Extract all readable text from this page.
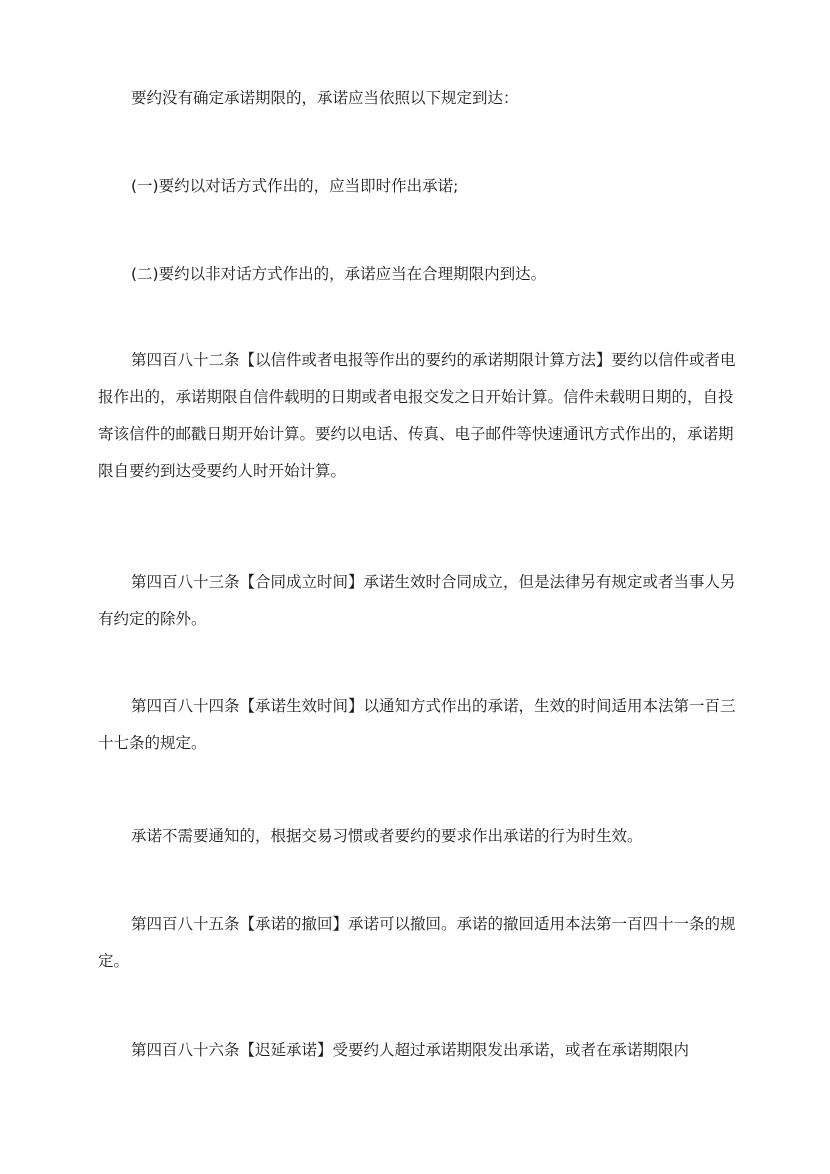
要约没有确定承诺期限的，承诺应当依照以下规定到达：

(一)要约以对话方式作出的，应当即时作出承诺;

(二)要约以非对话方式作出的，承诺应当在合理期限内到达。

第四百八十二条【以信件或者电报等作出的要约的承诺期限计算方法】要约以信件或者电报作出的，承诺期限自信件载明的日期或者电报交发之日开始计算。信件未载明日期的，自投寄该信件的邮戳日期开始计算。要约以电话、传真、电子邮件等快速通讯方式作出的，承诺期限自要约到达受要约人时开始计算。

第四百八十三条【合同成立时间】承诺生效时合同成立，但是法律另有规定或者当事人另有约定的除外。

第四百八十四条【承诺生效时间】以通知方式作出的承诺，生效的时间适用本法第一百三十七条的规定。

承诺不需要通知的，根据交易习惯或者要约的要求作出承诺的行为时生效。

第四百八十五条【承诺的撤回】承诺可以撤回。承诺的撤回适用本法第一百四十一条的规定。

第四百八十六条【迟延承诺】受要约人超过承诺期限发出承诺，或者在承诺期限内
